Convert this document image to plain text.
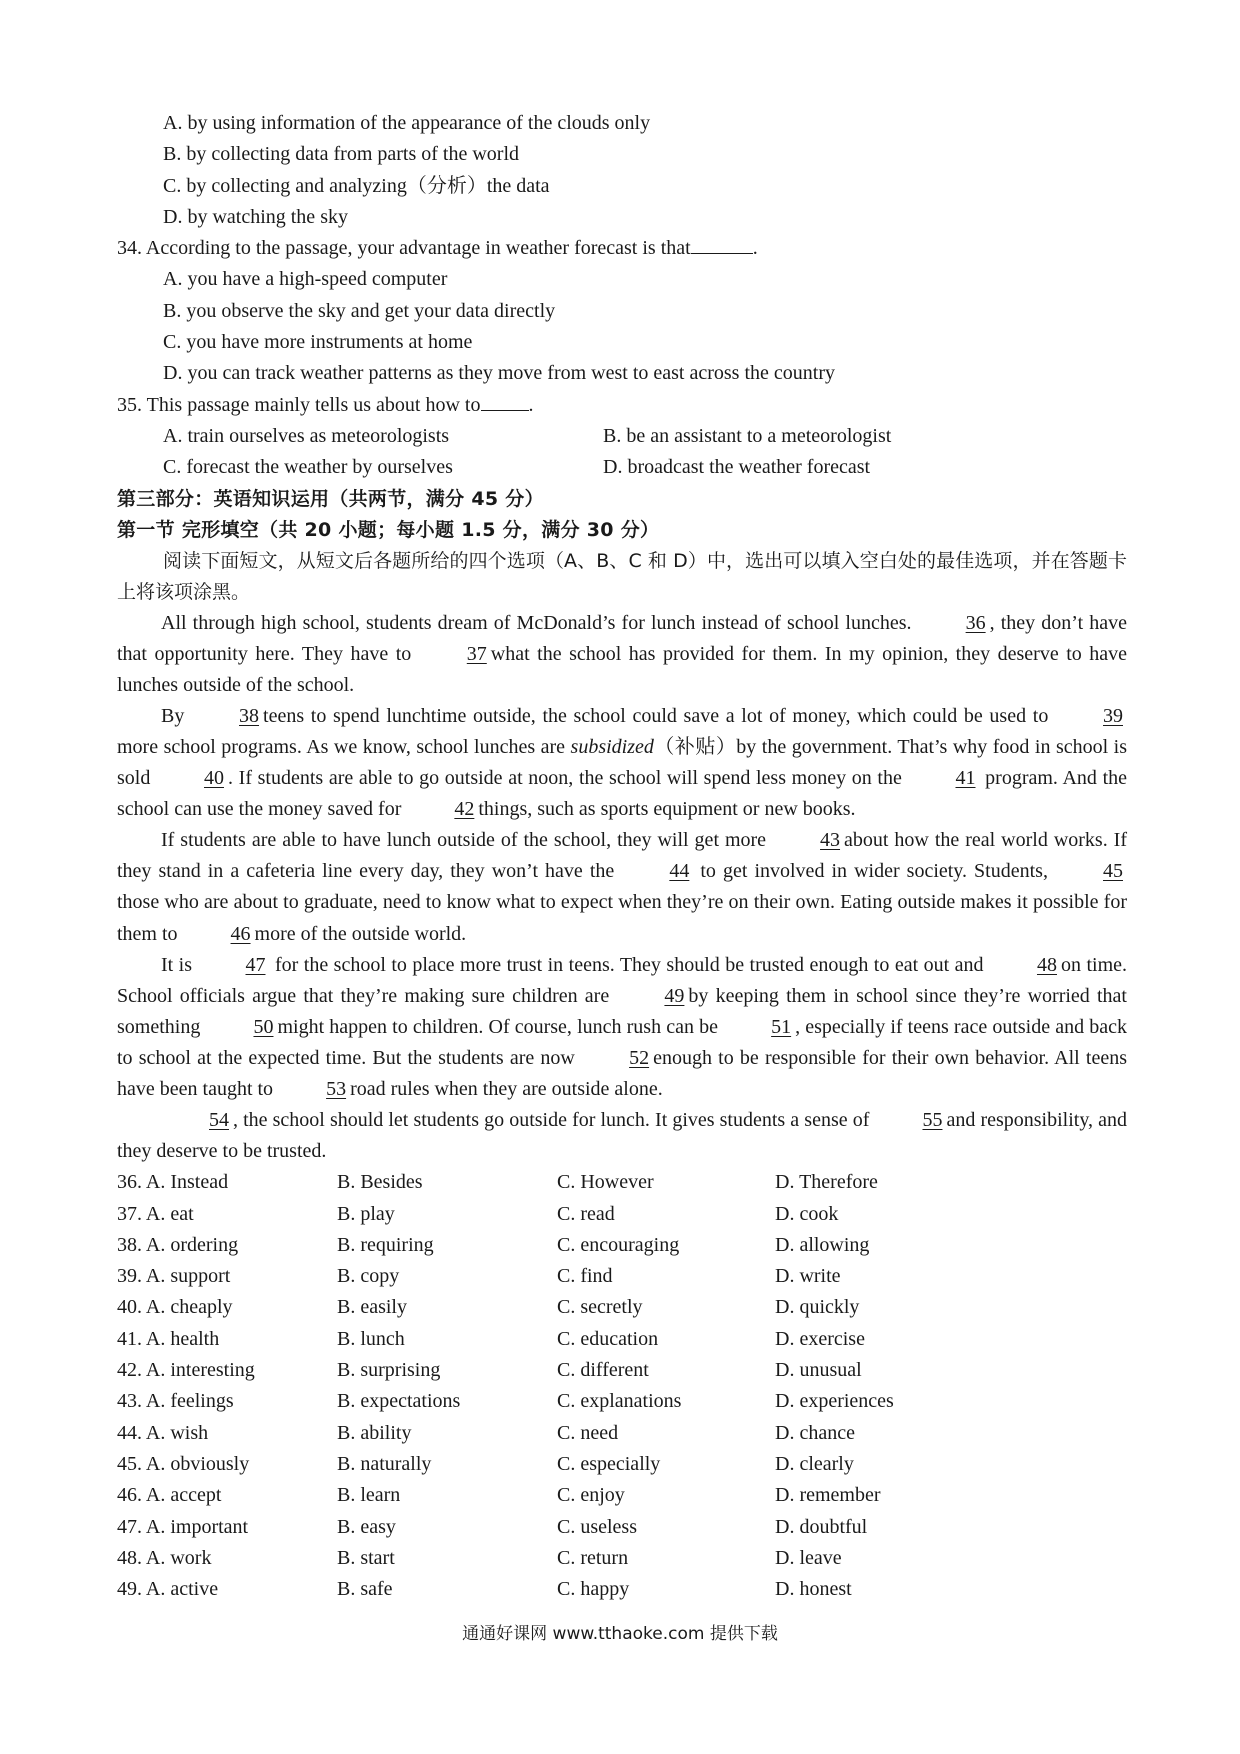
A. by using information of the appearance of the clouds only
B. by collecting data from parts of the world
C. by collecting and analyzing（分析）the data
D. by watching the sky
34. According to the passage, your advantage in weather forecast is that	.
A. you have a high-speed computer
B. you observe the sky and get your data directly
C. you have more instruments at home
D. you can track weather patterns as they move from west to east across the country
35. This passage mainly tells us about how to .
A. train ourselves as meteorologists	B. be an assistant to a meteorologist
C. forecast the weather by ourselves	D. broadcast the weather forecast
第三部分：英语知识运用（共两节，满分 45 分）
第一节 完形填空（共 20 小题；每小题 1.5 分，满分 30 分）
阅读下面短文，从短文后各题所给的四个选项（A、B、C 和 D）中，选出可以填入空白处的最佳选项，并在答题卡上将该项涂黑。

All through high school, students dream of McDonald’s for lunch instead of school lunches. 36 , they don’t have that opportunity here. They have to 37 what the school has provided for them. In my opinion, they deserve to have lunches outside of the school.

By 38 teens to spend lunchtime outside, the school could save a lot of money, which could be used to 39 more school programs. As we know, school lunches are subsidized（补贴）by the government. That’s why food in school is sold 40 . If students are able to go outside at noon, the school will spend less money on the 41 program. And the school can use the money saved for 42 things, such as sports equipment or new books.

If students are able to have lunch outside of the school, they will get more 43 about how the real world works. If they stand in a cafeteria line every day, they won’t have the 44 to get involved in wider society. Students, 45 those who are about to graduate, need to know what to expect when they’re on their own. Eating outside makes it possible for them to 46 more of the outside world.

It is 47 for the school to place more trust in teens. They should be trusted enough to eat out and 48 on time. School officials argue that they’re making sure children are 49 by keeping them in school since they’re worried that something 50 might happen to children. Of course, lunch rush can be 51 , especially if teens race outside and back to school at the expected time. But the students are now 52 enough to be responsible for their own behavior. All teens have been taught to 53 road rules when they are outside alone.

54 , the school should let students go outside for lunch. It gives students a sense of 55 and responsibility, and they deserve to be trusted.

36. A. Instead	B. Besides	C. However	D. Therefore
37. A. eat	B. play	C. read	D. cook
38. A. ordering	B. requiring	C. encouraging	D. allowing
39. A. support	B. copy	C. find	D. write
40. A. cheaply	B. easily	C. secretly	D. quickly
41. A. health	B. lunch	C. education	D. exercise
42. A. interesting	B. surprising	C. different	D. unusual
43. A. feelings	B. expectations	C. explanations	D. experiences
44. A. wish	B. ability	C. need	D. chance
45. A. obviously	B. naturally	C. especially	D. clearly
46. A. accept	B. learn	C. enjoy	D. remember
47. A. important	B. easy	C. useless	D. doubtful
48. A. work	B. start	C. return	D. leave
49. A. active	B. safe	C. happy	D. honest
通通好课网 www.tthaoke.com 提供下载
